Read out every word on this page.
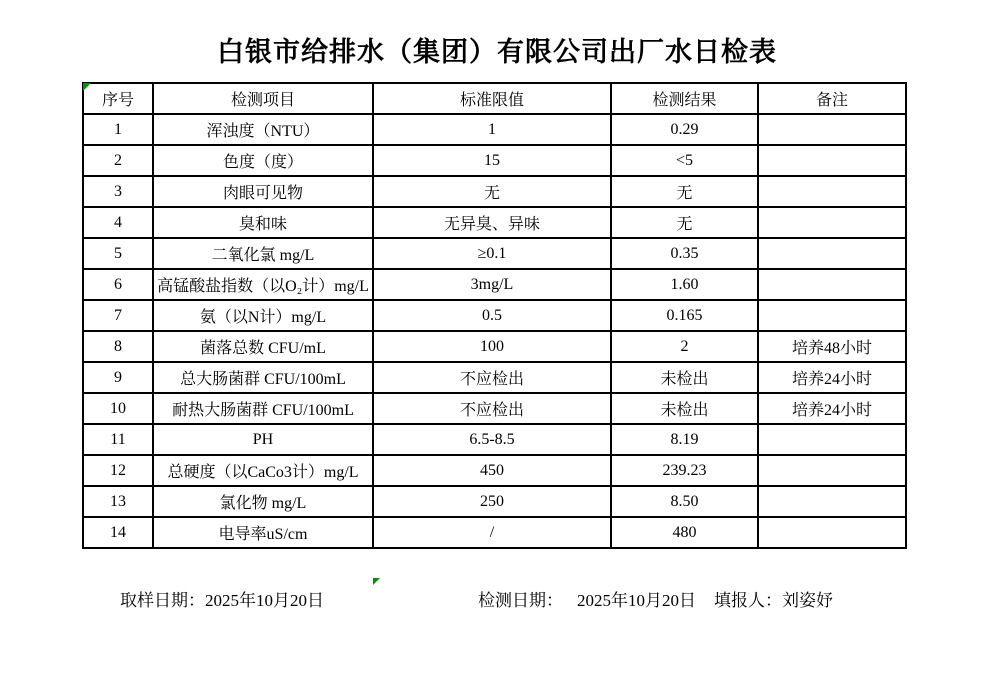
白银市给排水（集团）有限公司出厂水日检表
序号	检测项目	标准限值	检测结果	备注
1	浑浊度（NTU）	1	0.29	
2	色度（度）	15	<5	
3	肉眼可见物	无	无	
4	臭和味	无异臭、异味	无	
5	二氧化氯 mg/L	≥0.1	0.35	
6	高锰酸盐指数（以O₂计）mg/L	3mg/L	1.60	
7	氨（以N计）mg/L	0.5	0.165	
8	菌落总数 CFU/mL	100	2	培养48小时
9	总大肠菌群 CFU/100mL	不应检出	未检出	培养24小时
10	耐热大肠菌群 CFU/100mL	不应检出	未检出	培养24小时
11	PH	6.5-8.5	8.19	
12	总硬度（以CaCo3计）mg/L	450	239.23	
13	氯化物 mg/L	250	8.50	
14	电导率uS/cm	/	480	
取样日期：2025年10月20日	检测日期： 2025年10月20日 填报人：刘姿妤
